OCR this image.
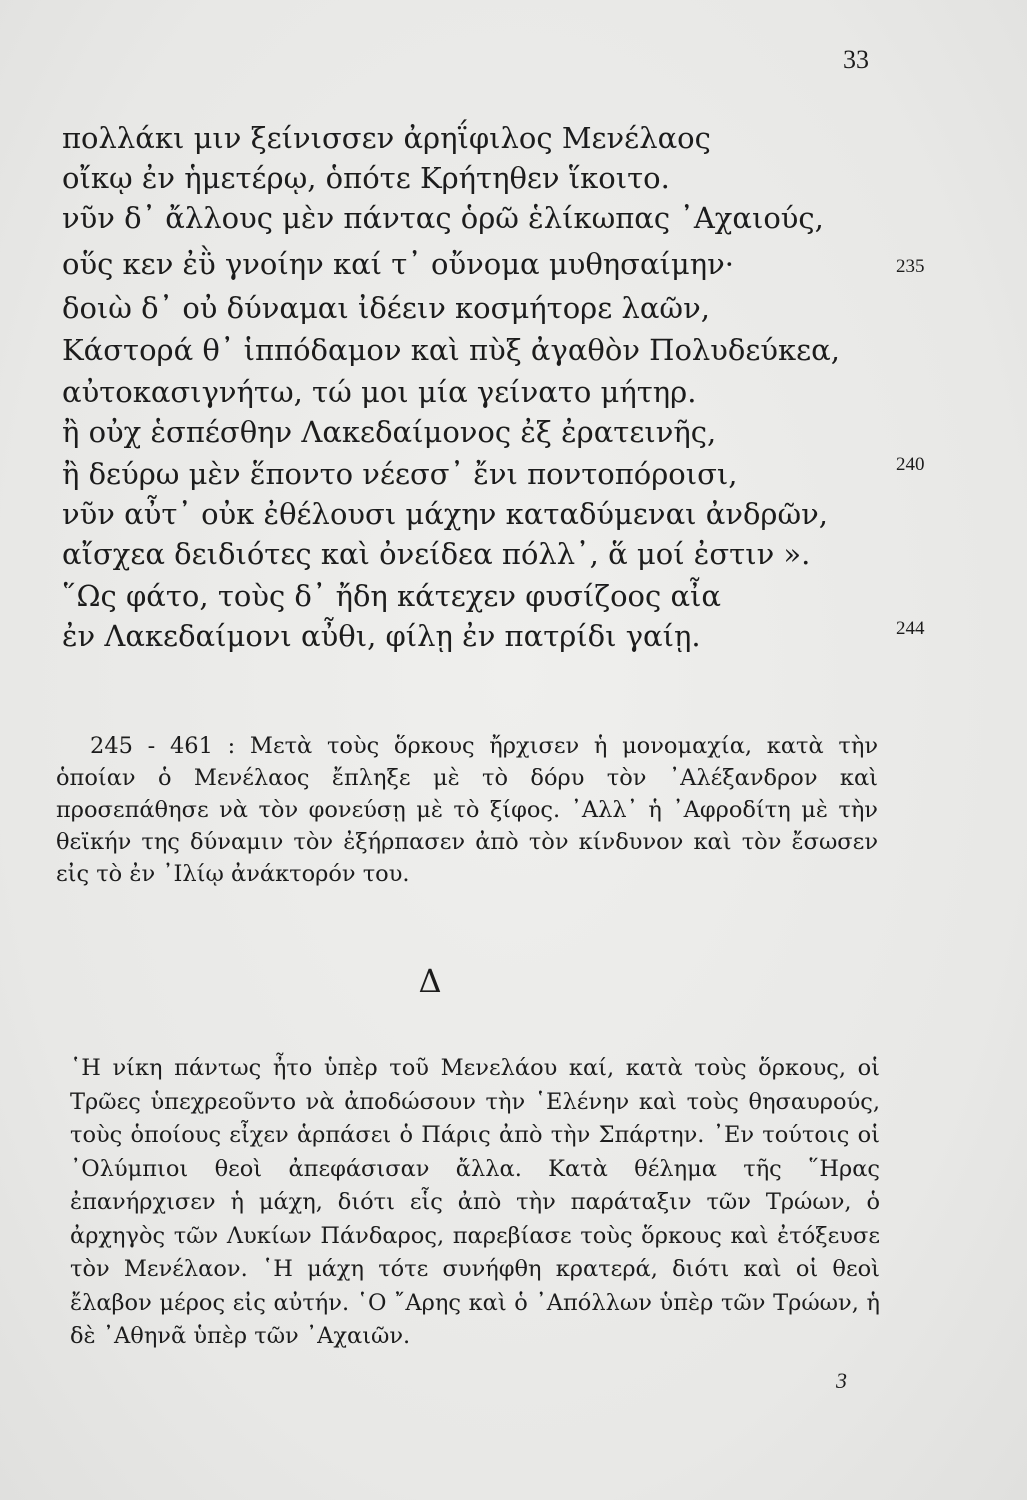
33
πολλάκι μιν ξείνισσεν ἀρηΐφιλος Μενέλαος
οἴκῳ ἐν ἡμετέρῳ, ὁπότε Κρήτηθεν ἵκοιτο.
νῦν δ᾽ ἄλλους μὲν πάντας ὁρῶ ἑλίκωπας ᾽Αχαιούς,
οὕς κεν ἐῢ γνοίην καί τ᾽ οὔνομα μυθησαίμην·
δοιὼ δ᾽ οὐ δύναμαι ἰδέειν κοσμήτορε λαῶν,
Κάστορά θ᾽ ἱππόδαμον καὶ πὺξ ἀγαθὸν Πολυδεύκεα,
αὐτοκασιγνήτω, τώ μοι μία γείνατο μήτηρ.
ἢ οὐχ ἑσπέσθην Λακεδαίμονος ἐξ ἐρατεινῆς,
ἢ δεύρω μὲν ἕποντο νέεσσ᾽ ἔνι ποντοπόροισι,
νῦν αὖτ᾽ οὐκ ἐθέλουσι μάχην καταδύμεναι ἀνδρῶν,
αἴσχεα δειδιότες καὶ ὀνείδεα πόλλ᾽, ἅ μοί ἐστιν ».
῞Ως φάτο, τοὺς δ᾽ ἤδη κάτεχεν φυσίζοος αἶα
ἐν Λακεδαίμονι αὖθι, φίλῃ ἐν πατρίδι γαίῃ.
235
240
244

245 - 461 : Μετὰ τοὺς ὅρκους ἤρχισεν ἡ μονομαχία, κατὰ τὴν ὁποίαν ὁ Μενέλαος ἔπληξε μὲ τὸ δόρυ τὸν ᾽Αλέξανδρον καὶ προσεπάθησε νὰ τὸν φονεύσῃ μὲ τὸ ξίφος. ᾽Αλλ᾽ ἡ ᾽Αφροδίτη μὲ τὴν θεϊκήν της δύναμιν τὸν ἐξήρπασεν ἀπὸ τὸν κίνδυνον καὶ τὸν ἔσωσεν εἰς τὸ ἐν ᾽Ιλίῳ ἀνάκτορόν του.

Δ

῾Η νίκη πάντως ἦτο ὑπὲρ τοῦ Μενελάου καί, κατὰ τοὺς ὅρκους, οἱ Τρῶες ὑπεχρεοῦντο νὰ ἀποδώσουν τὴν ῾Ελένην καὶ τοὺς θησαυρούς, τοὺς ὁποίους εἶχεν ἁρπάσει ὁ Πάρις ἀπὸ τὴν Σπάρτην. ᾽Εν τούτοις οἱ ᾽Ολύμπιοι θεοὶ ἀπεφάσισαν ἄλλα. Κατὰ θέλημα τῆς ῞Ηρας ἐπανήρχισεν ἡ μάχη, διότι εἷς ἀπὸ τὴν παράταξιν τῶν Τρώων, ὁ ἀρχηγὸς τῶν Λυκίων Πάνδαρος, παρεβίασε τοὺς ὅρκους καὶ ἐτόξευσε τὸν Μενέλαον. ῾Η μάχη τότε συνήφθη κρατερά, διότι καὶ οἱ θεοὶ ἔλαβον μέρος εἰς αὐτήν. ῾Ο ῎Αρης καὶ ὁ ᾽Απόλλων ὑπὲρ τῶν Τρώων, ἡ δὲ ᾽Αθηνᾶ ὑπὲρ τῶν ᾽Αχαιῶν.

3
